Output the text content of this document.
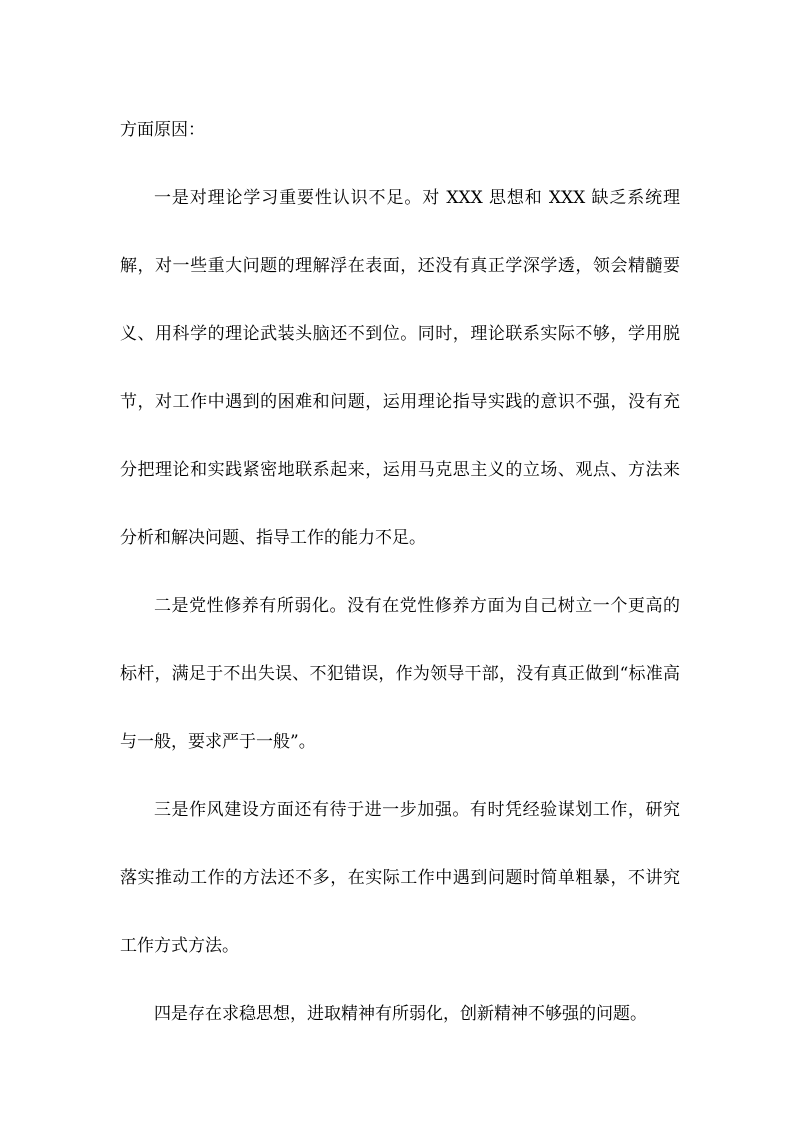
方面原因：

一是对理论学习重要性认识不足。对 XXX 思想和 XXX 缺乏系统理解，对一些重大问题的理解浮在表面，还没有真正学深学透，领会精髓要义、用科学的理论武装头脑还不到位。同时，理论联系实际不够，学用脱节，对工作中遇到的困难和问题，运用理论指导实践的意识不强，没有充分把理论和实践紧密地联系起来，运用马克思主义的立场、观点、方法来分析和解决问题、指导工作的能力不足。

二是党性修养有所弱化。没有在党性修养方面为自己树立一个更高的标杆，满足于不出失误、不犯错误，作为领导干部，没有真正做到“标准高与一般，要求严于一般”。

三是作风建设方面还有待于进一步加强。有时凭经验谋划工作，研究落实推动工作的方法还不多，在实际工作中遇到问题时简单粗暴，不讲究工作方式方法。

四是存在求稳思想，进取精神有所弱化，创新精神不够强的问题。
